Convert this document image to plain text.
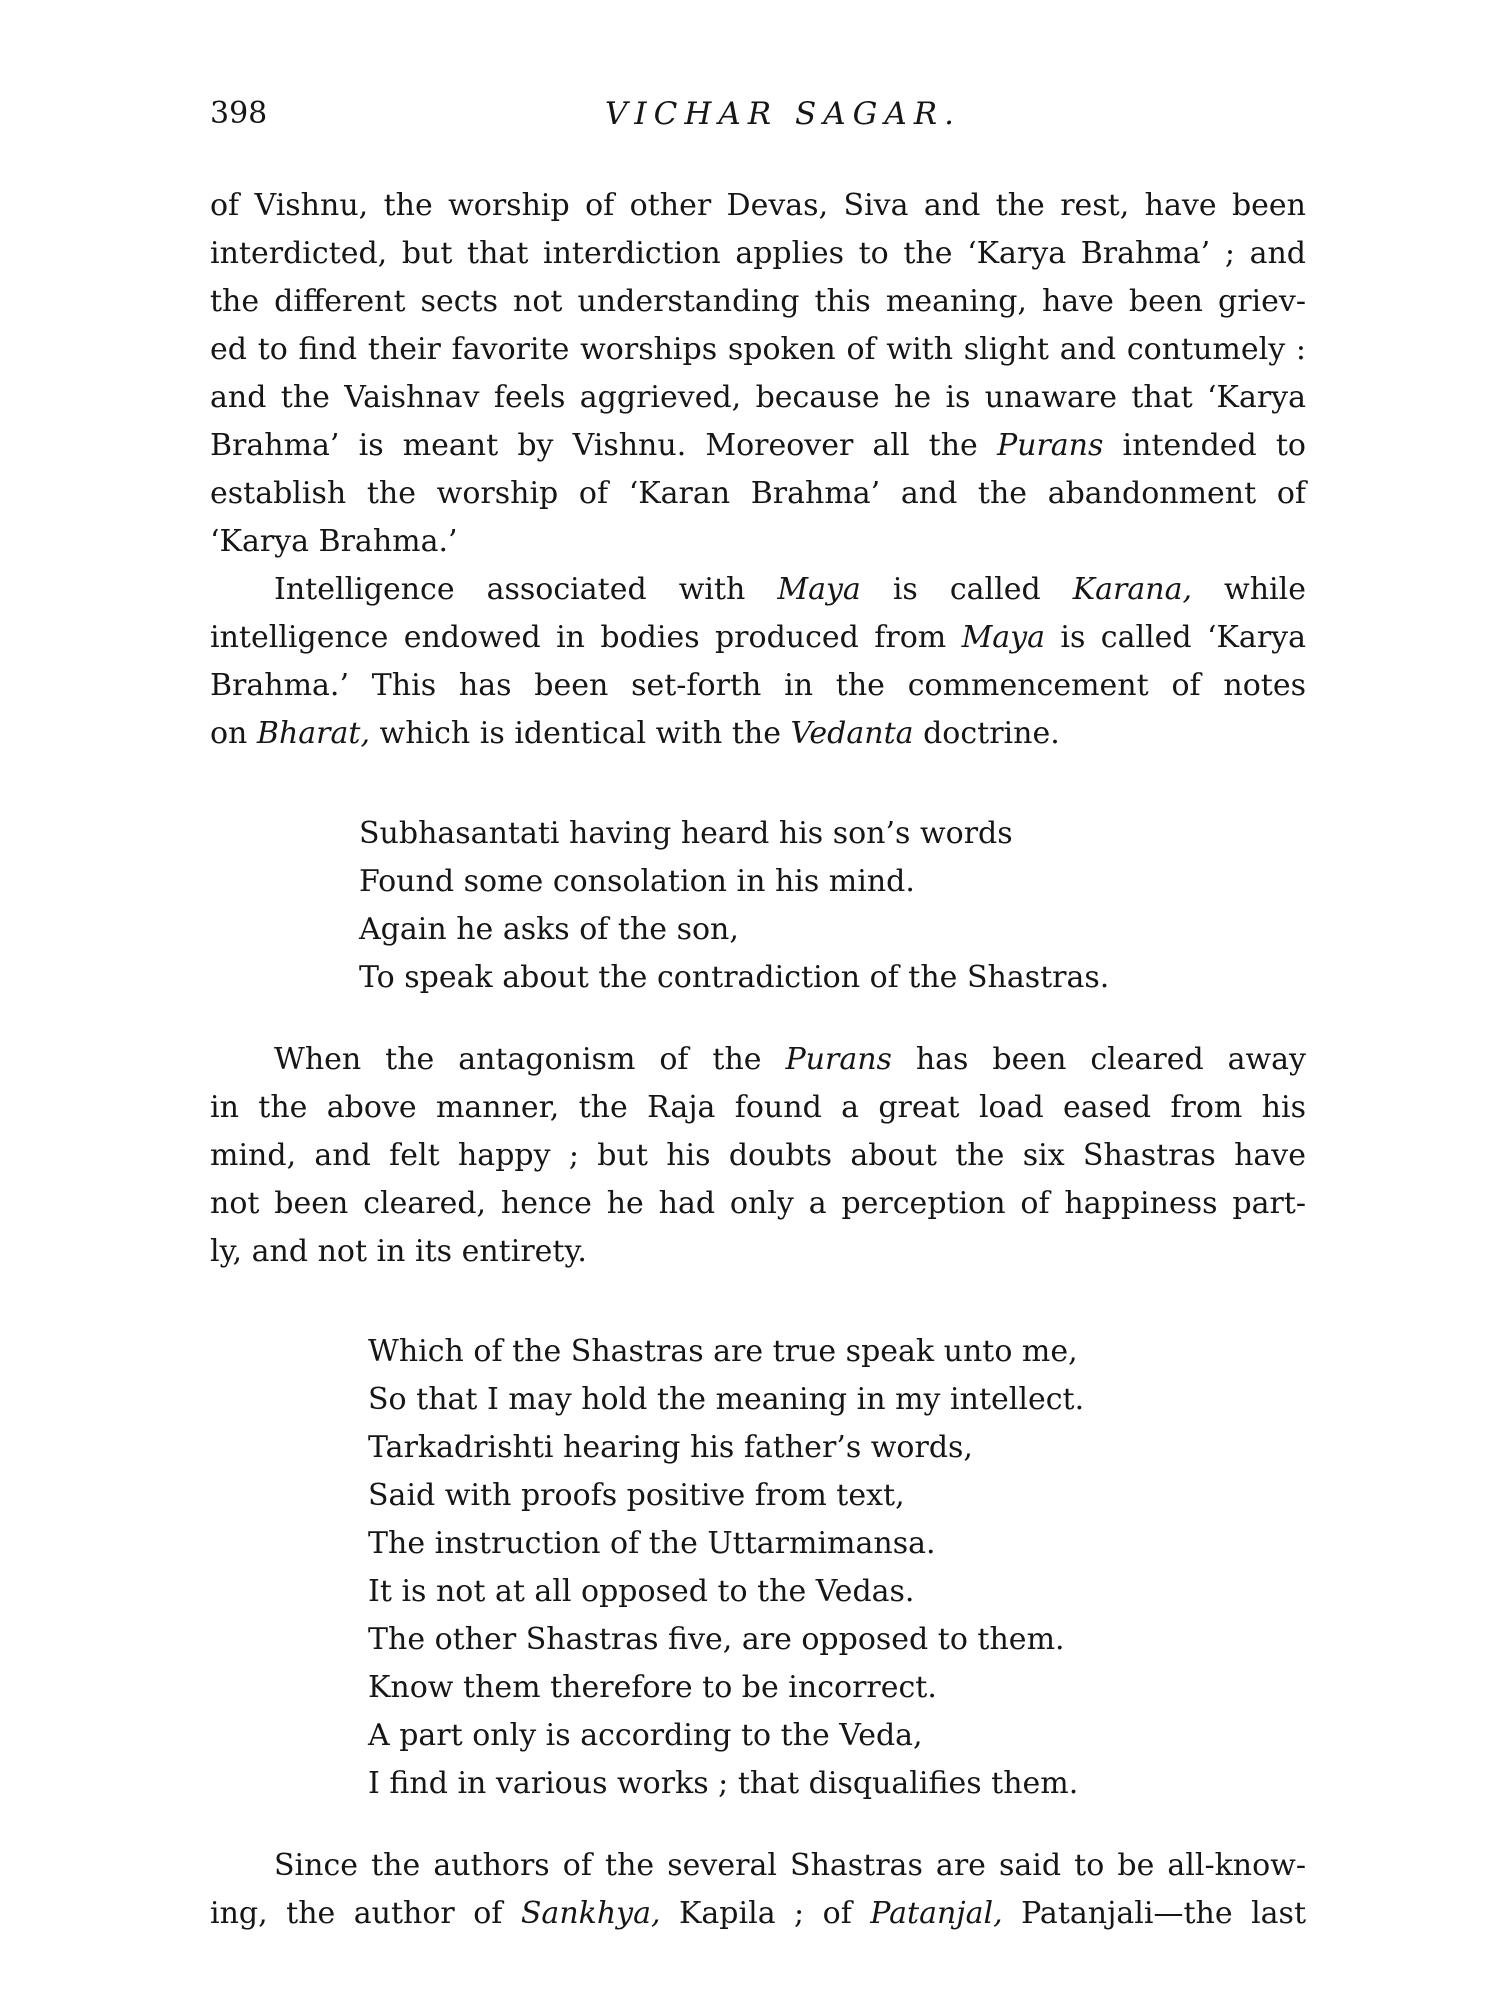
398	VICHAR SAGAR.
of Vishnu, the worship of other Devas, Siva and the rest, have been
interdicted, but that interdiction applies to the ‘Karya Brahma’ ; and
the different sects not understanding this meaning, have been griev-
ed to find their favorite worships spoken of with slight and contumely :
and the Vaishnav feels aggrieved, because he is unaware that ‘Karya
Brahma’ is meant by Vishnu. Moreover all the Purans intended to
establish the worship of ‘Karan Brahma’ and the abandonment of
‘Karya Brahma.’
Intelligence associated with Maya is called Karana, while
intelligence endowed in bodies produced from Maya is called ‘Karya
Brahma.’ This has been set-forth in the commencement of notes
on Bharat, which is identical with the Vedanta doctrine.
Subhasantati having heard his son’s words
Found some consolation in his mind.
Again he asks of the son,
To speak about the contradiction of the Shastras.
When the antagonism of the Purans has been cleared away
in the above manner, the Raja found a great load eased from his
mind, and felt happy ; but his doubts about the six Shastras have
not been cleared, hence he had only a perception of happiness part-
ly, and not in its entirety.
Which of the Shastras are true speak unto me,
So that I may hold the meaning in my intellect.
Tarkadrishti hearing his father’s words,
Said with proofs positive from text,
The instruction of the Uttarmimansa.
It is not at all opposed to the Vedas.
The other Shastras five, are opposed to them.
Know them therefore to be incorrect.
A part only is according to the Veda,
I find in various works ; that disqualifies them.
Since the authors of the several Shastras are said to be all-know-
ing, the author of Sankhya, Kapila ; of Patanjal, Patanjali—the last
